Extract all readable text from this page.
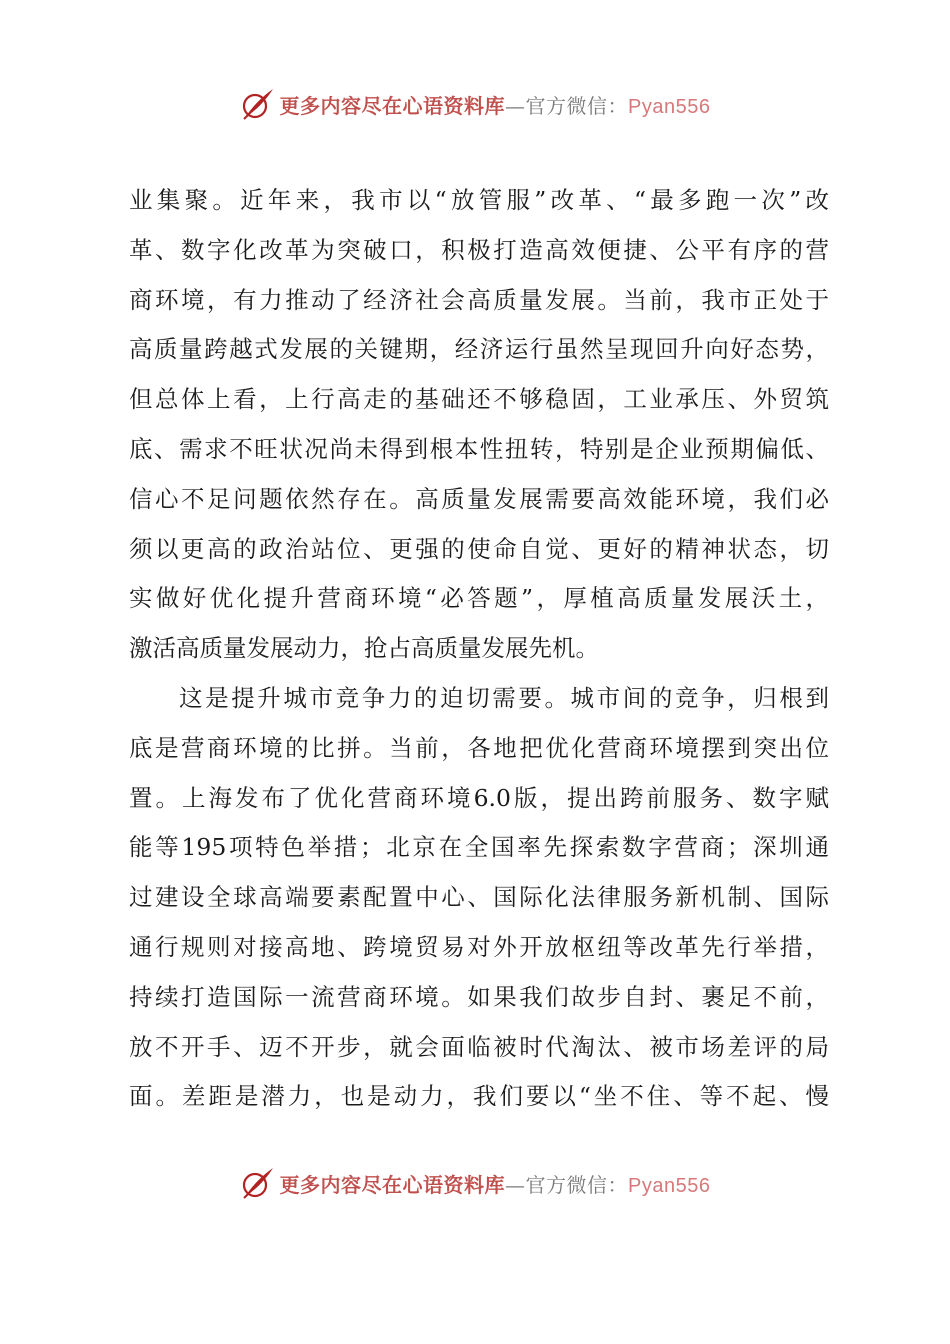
更多内容尽在心语资料库—官方微信：Pyan556
业集聚。近年来，我市以“放管服”改革、“最多跑一次”改
革、数字化改革为突破口，积极打造高效便捷、公平有序的营
商环境，有力推动了经济社会高质量发展。当前，我市正处于
高质量跨越式发展的关键期，经济运行虽然呈现回升向好态势，
但总体上看，上行高走的基础还不够稳固，工业承压、外贸筑
底、需求不旺状况尚未得到根本性扭转，特别是企业预期偏低、
信心不足问题依然存在。高质量发展需要高效能环境，我们必
须以更高的政治站位、更强的使命自觉、更好的精神状态，切
实做好优化提升营商环境“必答题”，厚植高质量发展沃土，
激活高质量发展动力，抢占高质量发展先机。
这是提升城市竞争力的迫切需要。城市间的竞争，归根到
底是营商环境的比拼。当前，各地把优化营商环境摆到突出位
置。上海发布了优化营商环境6.0版，提出跨前服务、数字赋
能等195项特色举措；北京在全国率先探索数字营商；深圳通
过建设全球高端要素配置中心、国际化法律服务新机制、国际
通行规则对接高地、跨境贸易对外开放枢纽等改革先行举措，
持续打造国际一流营商环境。如果我们故步自封、裹足不前，
放不开手、迈不开步，就会面临被时代淘汰、被市场差评的局
面。差距是潜力，也是动力，我们要以“坐不住、等不起、慢
更多内容尽在心语资料库—官方微信：Pyan556
